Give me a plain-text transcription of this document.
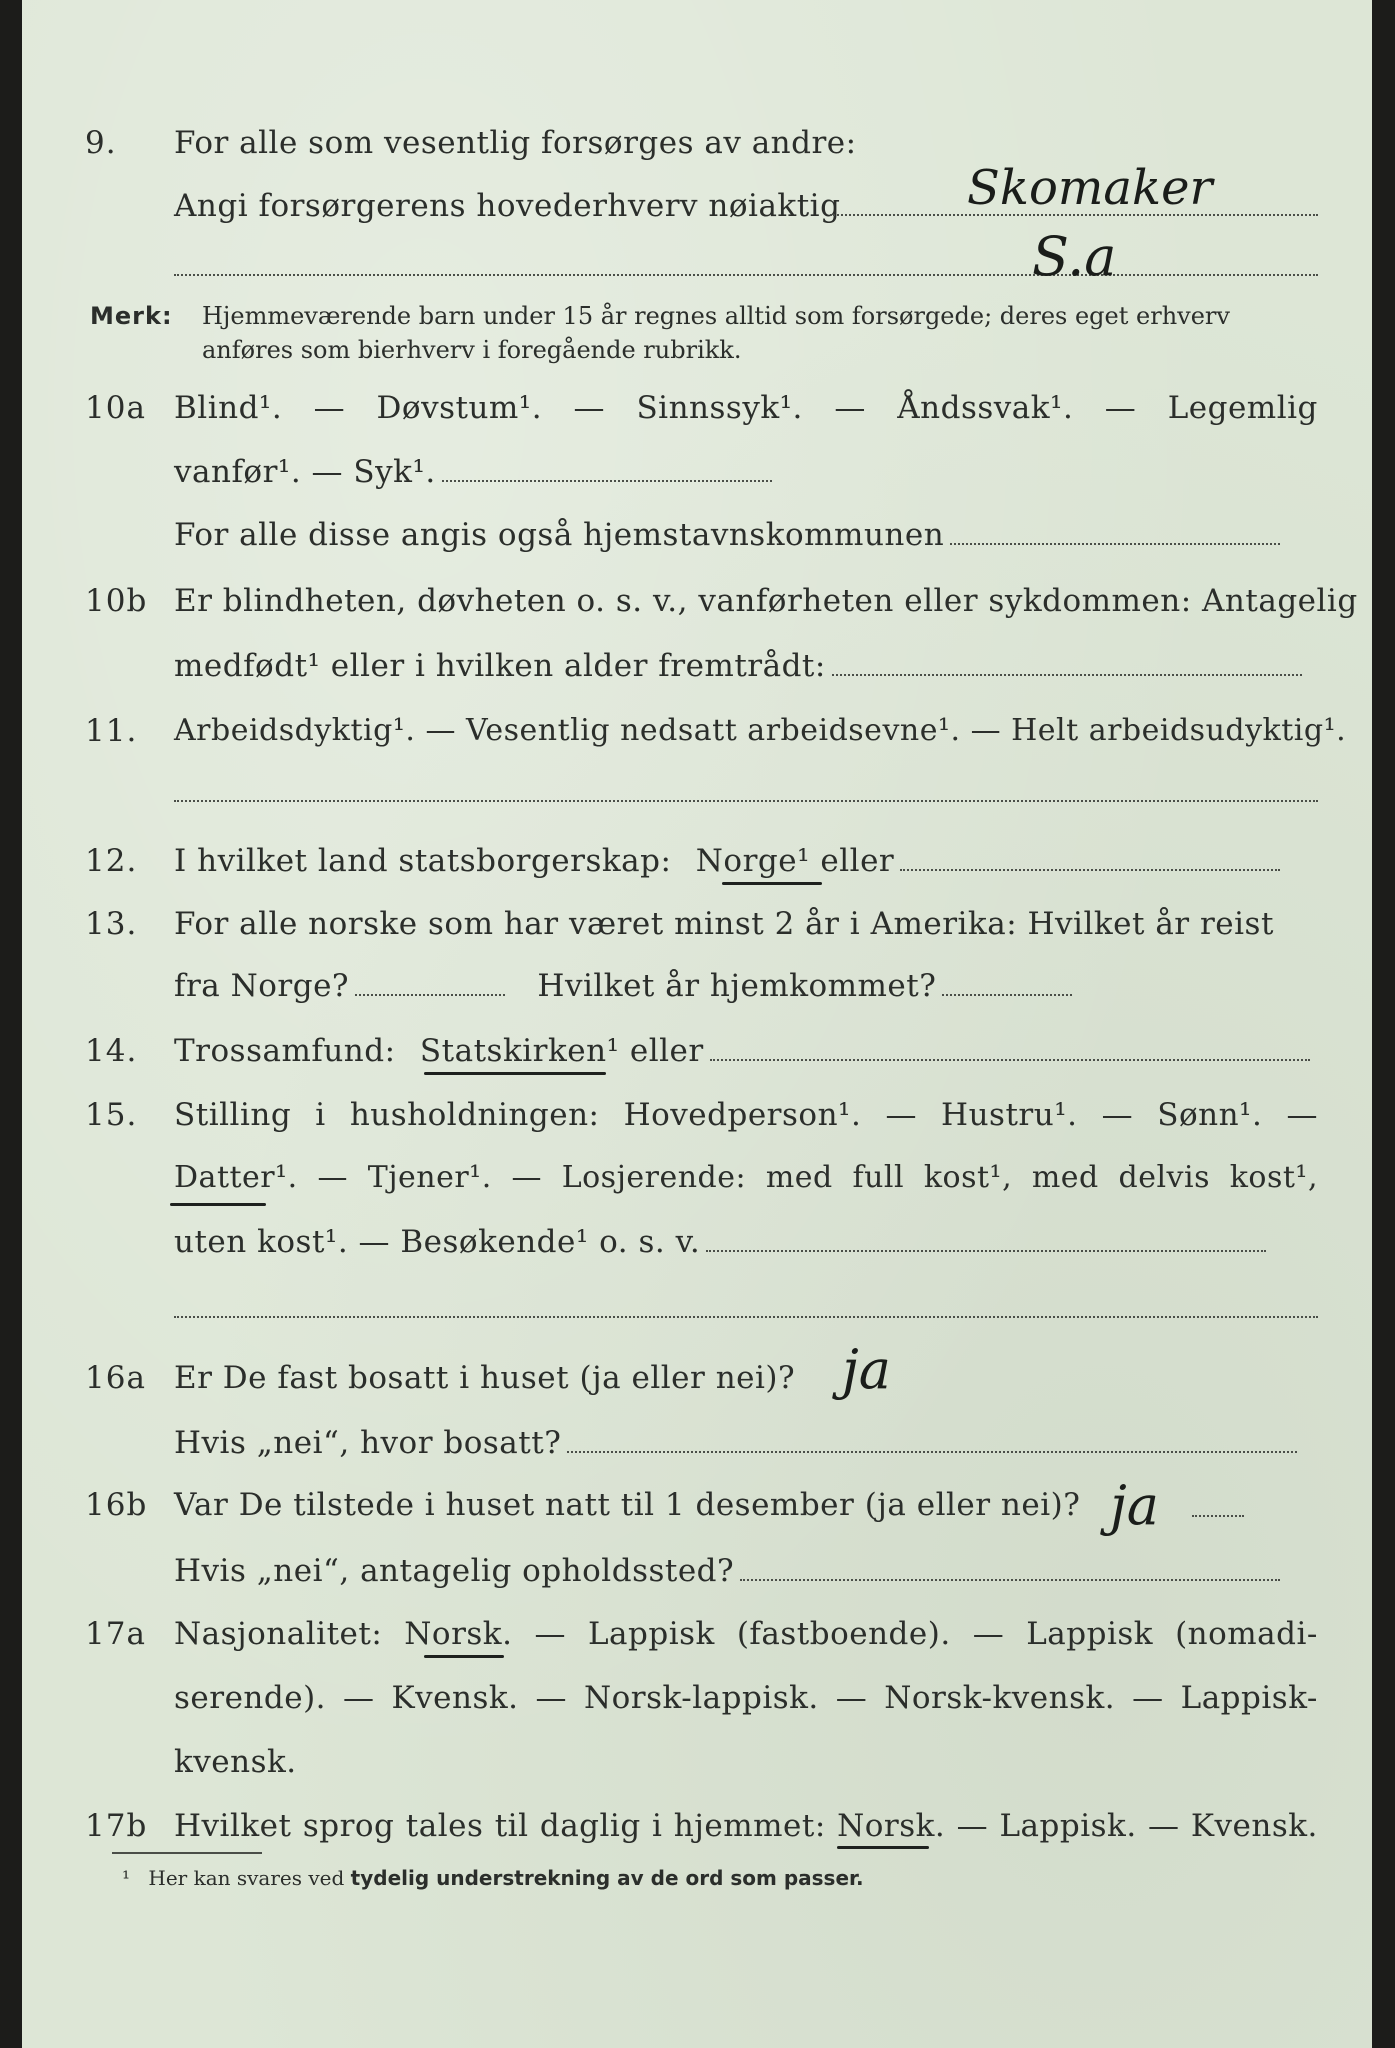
9.	For alle som vesentlig forsørges av andre:
Angi forsørgerens hovederhverv nøiaktig	Skomaker
S.a
Merk: Hjemmeværende barn under 15 år regnes alltid som forsørgede; deres eget erhverv
anføres som bierhverv i foregående rubrikk.
10a Blind¹. — Døvstum¹. — Sinnssyk¹. — Åndssvak¹. — Legemlig
vanfør¹. — Syk¹.
For alle disse angis også hjemstavnskommunen
10b Er blindheten, døvheten o. s. v., vanførheten eller sykdommen: Antagelig
medfødt¹ eller i hvilken alder fremtrådt:
11.	Arbeidsdyktig¹. — Vesentlig nedsatt arbeidsevne¹. — Helt arbeidsudyktig¹.
12.	I hvilket land statsborgerskap: Norge¹ eller
13.	For alle norske som har været minst 2 år i Amerika: Hvilket år reist
fra Norge?	Hvilket år hjemkommet?
14.	Trossamfund: Statskirken¹ eller
15.	Stilling i husholdningen: Hovedperson¹. — Hustru¹. — Sønn¹. —
Datter¹. — Tjener¹. — Losjerende: med full kost¹, med delvis kost¹,
uten kost¹. — Besøkende¹ o. s. v.
16a Er De fast bosatt i huset (ja eller nei)? ja
Hvis „nei“, hvor bosatt?
16b Var De tilstede i huset natt til 1 desember (ja eller nei)? ja
Hvis „nei“, antagelig opholdssted?
17a Nasjonalitet: Norsk. — Lappisk (fastboende). — Lappisk (nomadi-
serende). — Kvensk. — Norsk-lappisk. — Norsk-kvensk. — Lappisk-
kvensk.
17b Hvilket sprog tales til daglig i hjemmet: Norsk. — Lappisk. — Kvensk.
¹ Her kan svares ved tydelig understrekning av de ord som passer.
